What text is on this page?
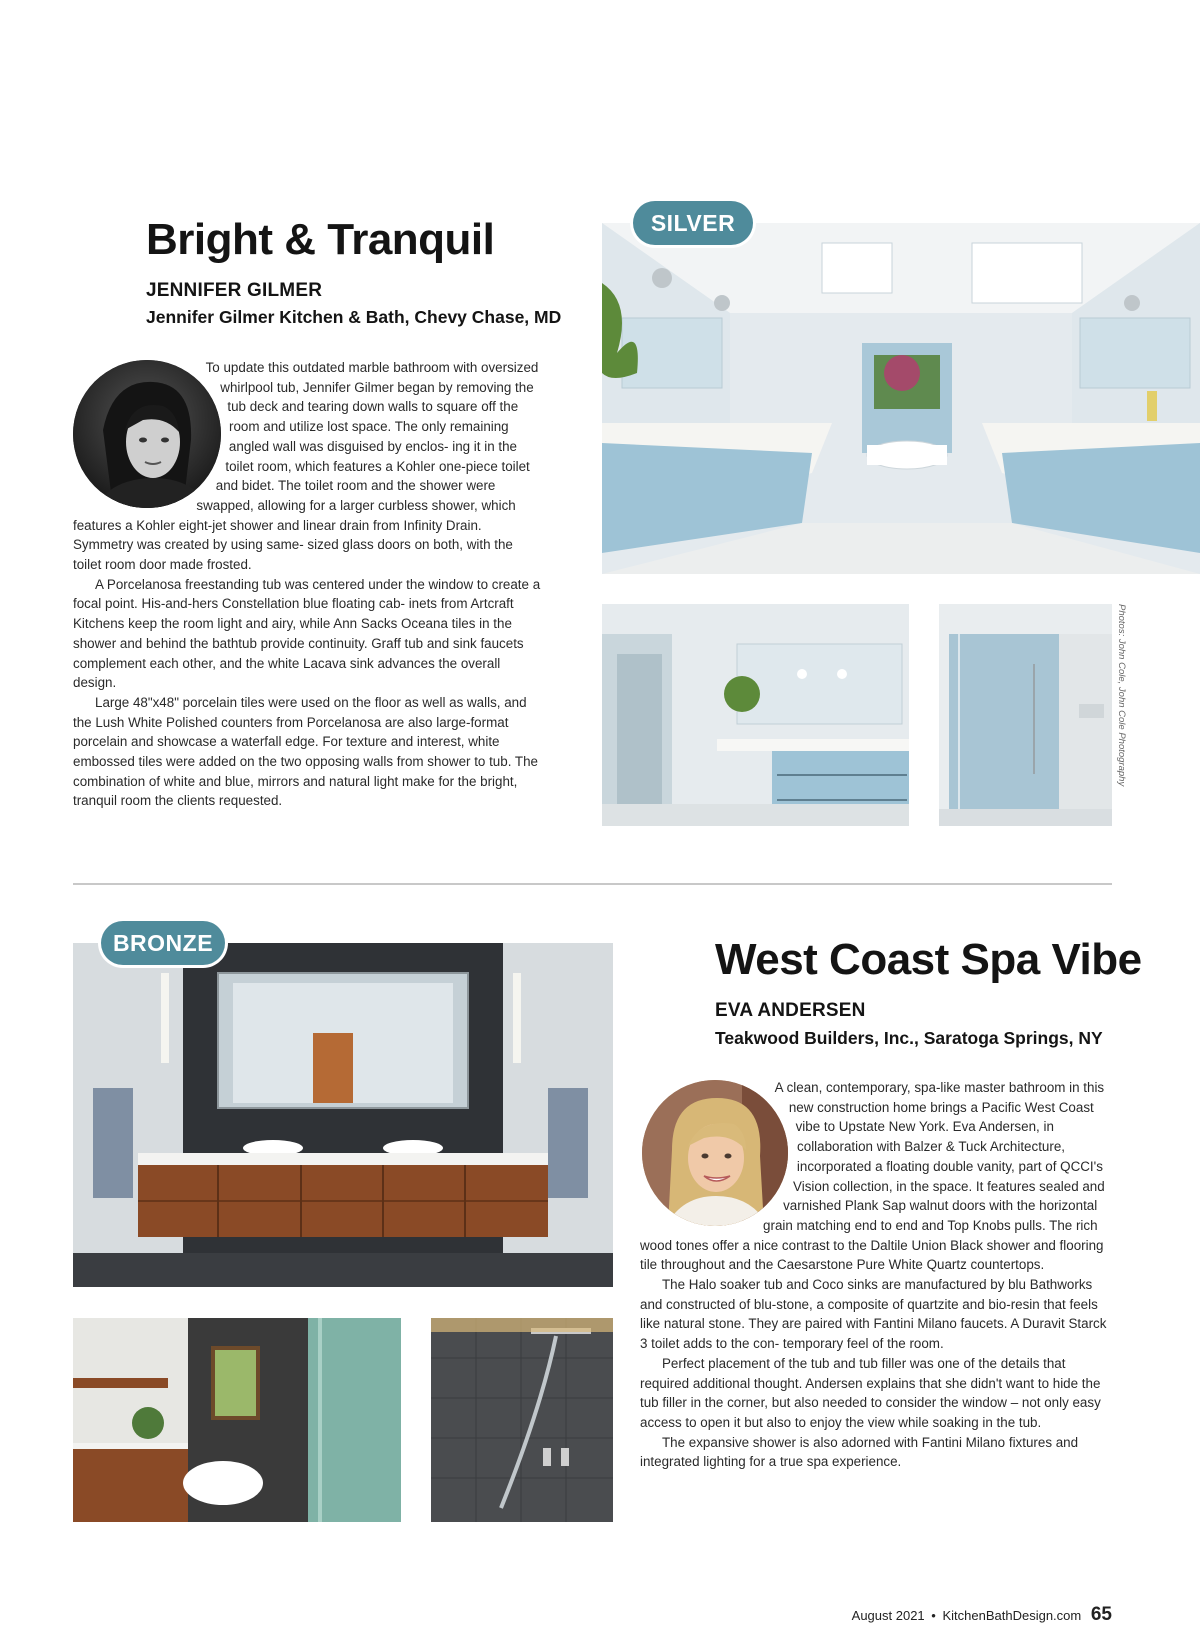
Bright & Tranquil
JENNIFER GILMER
Jennifer Gilmer Kitchen & Bath, Chevy Chase, MD

To update this outdated marble bathroom with oversized whirlpool tub, Jennifer Gilmer began by removing the tub deck and tearing down walls to square off the room and utilize lost space. The only remaining angled wall was disguised by enclos- ing it in the toilet room, which features a Kohler one-piece toilet and bidet. The toilet room and the shower were swapped, allowing for a larger curbless shower, which features a Kohler eight-jet shower and linear drain from Infinity Drain. Symmetry was created by using same- sized glass doors on both, with the toilet room door made frosted.

A Porcelanosa freestanding tub was centered under the window to create a focal point. His-and-hers Constellation blue floating cab- inets from Artcraft Kitchens keep the room light and airy, while Ann Sacks Oceana tiles in the shower and behind the bathtub provide continuity. Graff tub and sink faucets complement each other, and the white Lacava sink advances the overall design.

Large 48"x48" porcelain tiles were used on the floor as well as walls, and the Lush White Polished counters from Porcelanosa are also large-format porcelain and showcase a waterfall edge. For texture and interest, white embossed tiles were added on the two opposing walls from shower to tub. The combination of white and blue, mirrors and natural light make for the bright, tranquil room the clients requested.

SILVER
Photos: John Cole, John Cole Photography
BRONZE	West Coast Spa Vibe
EVA ANDERSEN
Teakwood Builders, Inc., Saratoga Springs, NY

A clean, contemporary, spa-like master bathroom in this new construction home brings a Pacific West Coast vibe to Upstate New York. Eva Andersen, in collaboration with Balzer & Tuck Architecture, incorporated a floating double vanity, part of QCCI's Vision collection, in the space. It features sealed and varnished Plank Sap walnut doors with the horizontal grain matching end to end and Top Knobs pulls. The rich wood tones offer a nice contrast to the Daltile Union Black shower and flooring tile throughout and the Caesarstone Pure White Quartz countertops.

The Halo soaker tub and Coco sinks are manufactured by blu Bathworks and constructed of blu-stone, a composite of quartzite and bio-resin that feels like natural stone. They are paired with Fantini Milano faucets. A Duravit Starck 3 toilet adds to the con- temporary feel of the room.

Perfect placement of the tub and tub filler was one of the details that required additional thought. Andersen explains that she didn't want to hide the tub filler in the corner, but also needed to consider the window – not only easy access to open it but also to enjoy the view while soaking in the tub.

The expansive shower is also adorned with Fantini Milano fixtures and integrated lighting for a true spa experience.

August 2021 • KitchenBathDesign.com 65
